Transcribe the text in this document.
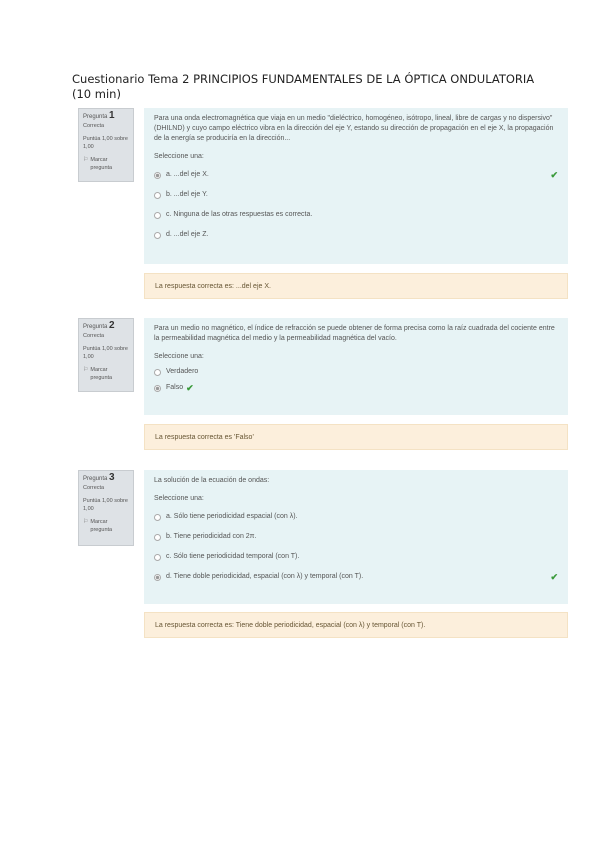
Cuestionario Tema 2 PRINCIPIOS FUNDAMENTALES DE LA ÓPTICA ONDULATORIA (10 min)
Pregunta 1
Correcta
Puntúa 1,00 sobre 1,00
⚐ Marcar pregunta

Para una onda electromagnética que viaja en un medio "dieléctrico, homogéneo, isótropo, lineal, libre de cargas y no dispersivo" (DHILND) y cuyo campo eléctrico vibra en la dirección del eje Y, estando su dirección de propagación en el eje X, la propagación de la energía se produciría en la dirección...

Seleccione una:

a. ...del eje X.	✔
b. ...del eje Y.
c. Ninguna de las otras respuestas es correcta.
d. ...del eje Z.
La respuesta correcta es: ...del eje X.
Pregunta 2
Correcta
Puntúa 1,00 sobre 1,00
⚐ Marcar pregunta

Para un medio no magnético, el índice de refracción se puede obtener de forma precisa como la raíz cuadrada del cociente entre la permeabilidad magnética del medio y la permeabilidad magnética del vacío.

Seleccione una:

Verdadero
Falso ✔
La respuesta correcta es 'Falso'
Pregunta 3
Correcta
Puntúa 1,00 sobre 1,00
⚐ Marcar pregunta

La solución de la ecuación de ondas:

Seleccione una:

a. Sólo tiene periodicidad espacial (con λ).
b. Tiene periodicidad con 2π.
c. Sólo tiene periodicidad temporal (con T).
d. Tiene doble periodicidad, espacial (con λ) y temporal (con T).	✔
La respuesta correcta es: Tiene doble periodicidad, espacial (con λ) y temporal (con T).
